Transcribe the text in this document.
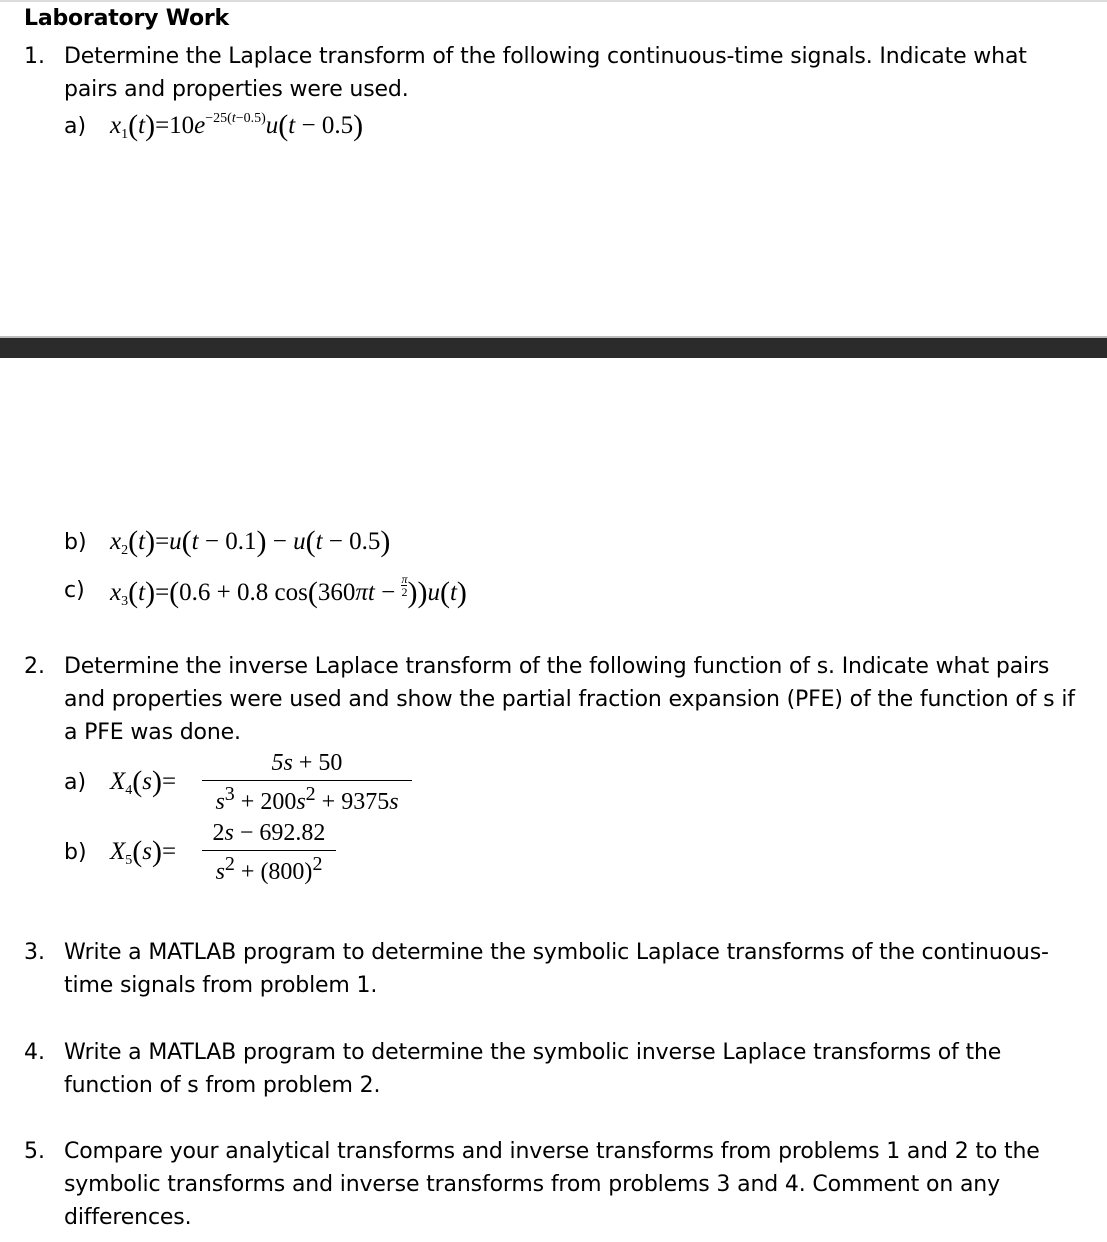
Laboratory Work
1. Determine the Laplace transform of the following continuous-time signals. Indicate what pairs and properties were used.
a) $x_1(t)=10e^{-25(t-0.5)}u(t - 0.5)$
b) $x_2(t)=u(t - 0.1) - u(t - 0.5)$
c) $x_3(t)=(0.6 + 0.8$ $\cos(360\pi t - \frac{\pi}{2} ))u(t)$
2. Determine the inverse Laplace transform of the following function of s. Indicate what pairs and properties were used and show the partial fraction expansion (PFE) of the function of s if a PFE was done.
a) $X_4(s)= \frac{5s + 50}{s^3 + 200s^2 + 9375s}$
b) $X_5(s)= \frac{2s - 692.82}{s^2 + (800)^2}$
3. Write a MATLAB program to determine the symbolic Laplace transforms of the continuous-time signals from problem 1.
4. Write a MATLAB program to determine the symbolic inverse Laplace transforms of the function of s from problem 2.
5. Compare your analytical transforms and inverse transforms from problems 1 and 2 to the symbolic transforms and inverse transforms from problems 3 and 4. Comment on any differences.
